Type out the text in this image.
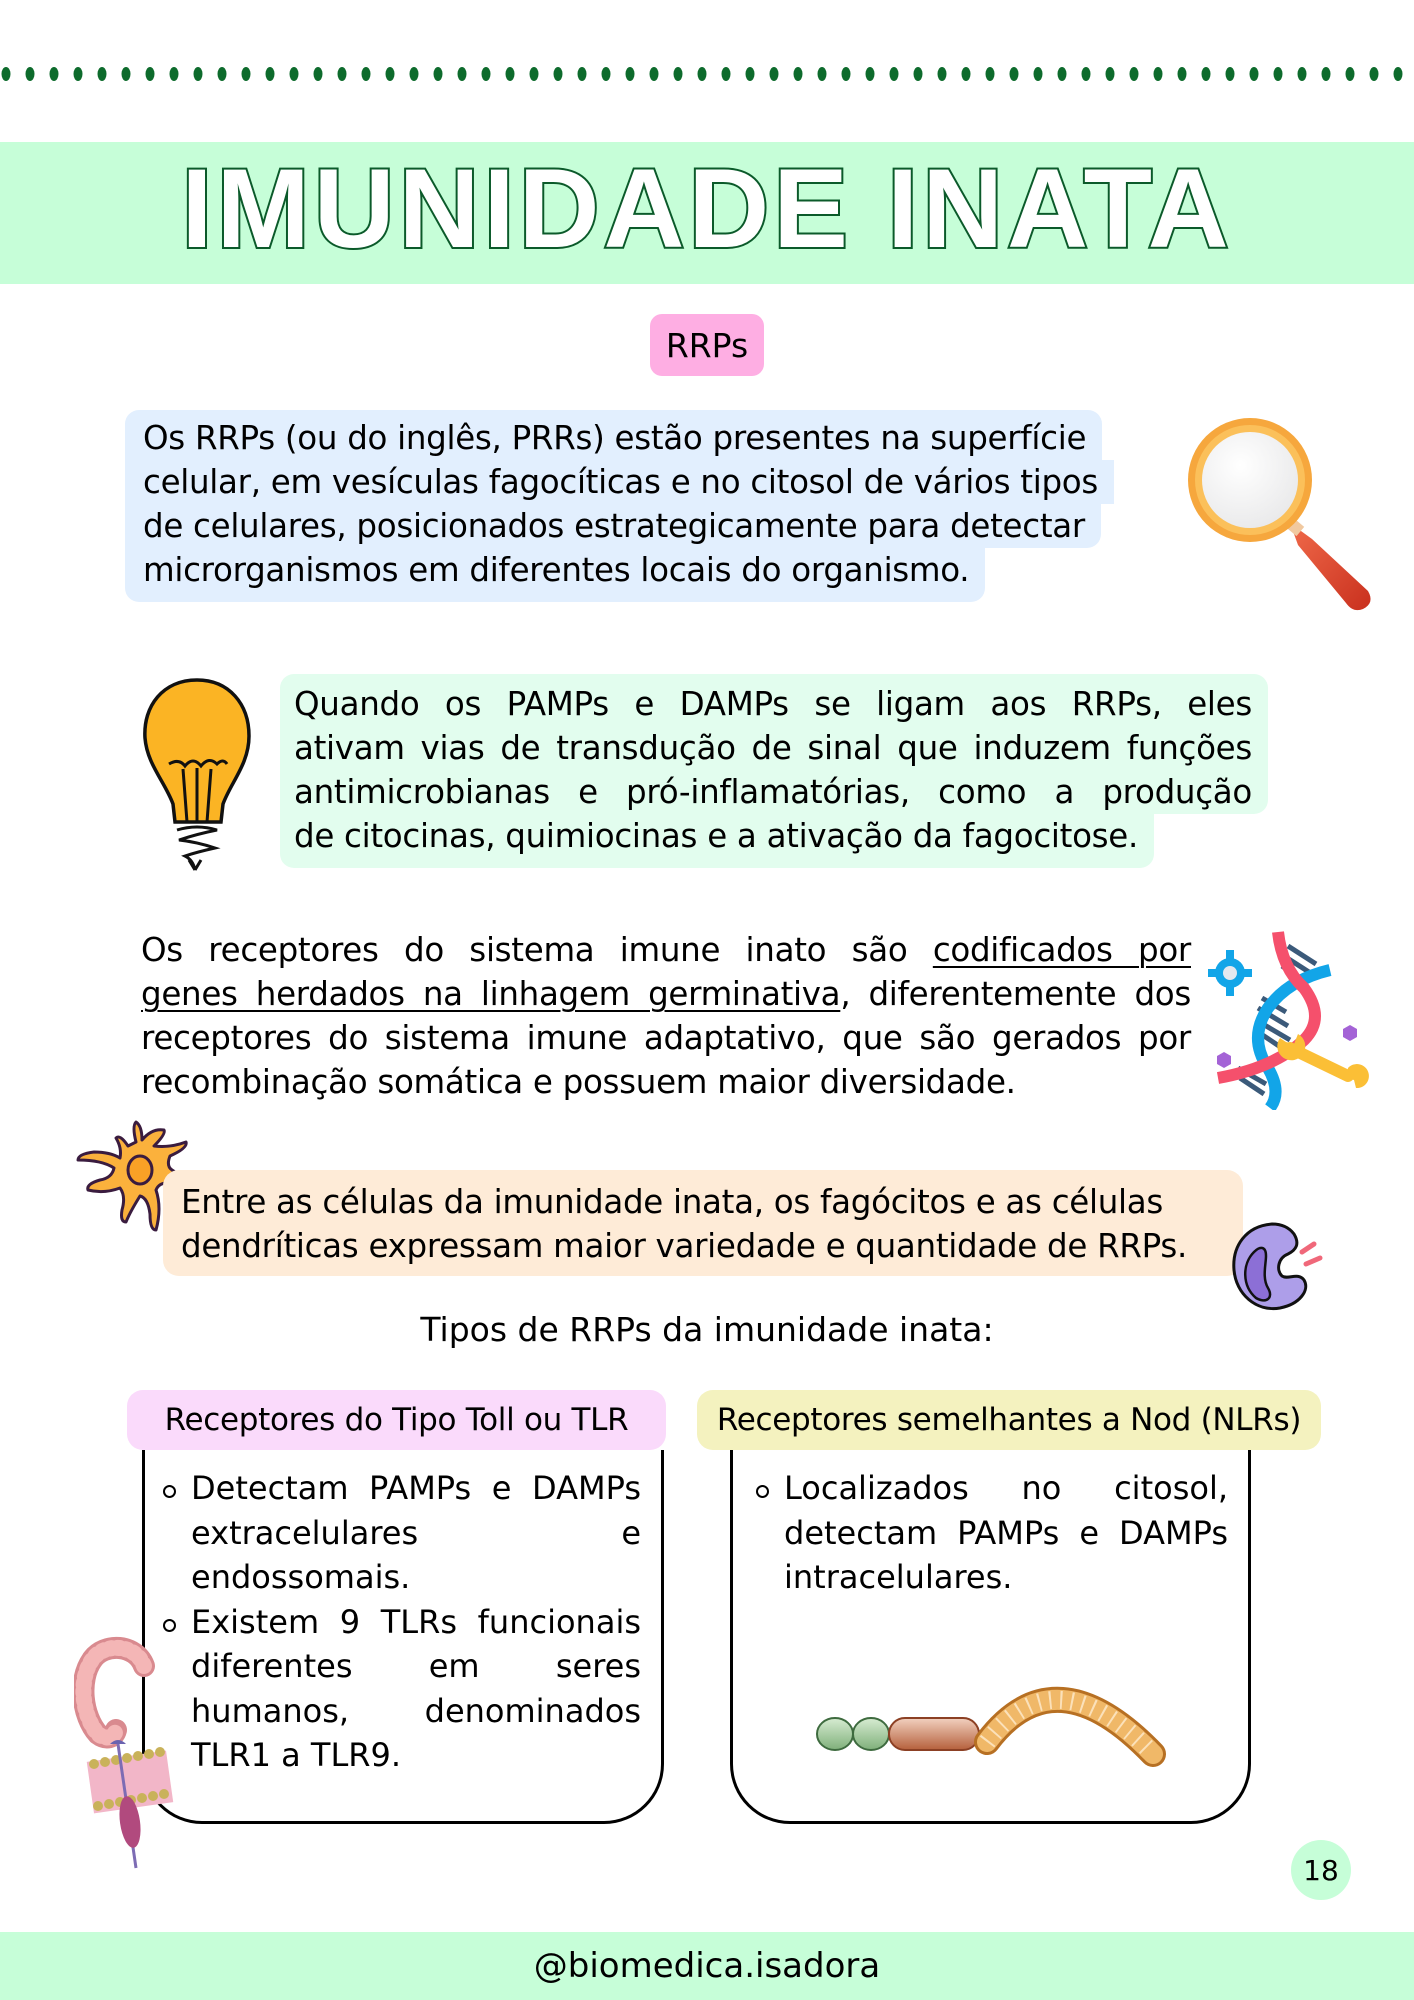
IMUNIDADE INATA
RRPs
Os RRPs (ou do inglês, PRRs) estão presentes na superfície
celular, em vesículas fagocíticas e no citosol de vários tipos
de celulares, posicionados estrategicamente para detectar
microrganismos em diferentes locais do organismo.
Quando os PAMPs e DAMPs se ligam aos RRPs, eles
ativam vias de transdução de sinal que induzem funções
antimicrobianas e pró-inflamatórias, como a produção
de citocinas, quimiocinas e a ativação da fagocitose.
Os receptores do sistema imune inato são codificados por
genes herdados na linhagem germinativa, diferentemente dos
receptores do sistema imune adaptativo, que são gerados por
recombinação somática e possuem maior diversidade.
Entre as células da imunidade inata, os fagócitos e as células
dendríticas expressam maior variedade e quantidade de RRPs.
Tipos de RRPs da imunidade inata:
Receptores do Tipo Toll ou TLR	Receptores semelhantes a Nod (NLRs)
Detectam PAMPs e DAMPs extracelulares e endossomais.
Existem 9 TLRs funcionais diferentes em seres humanos, denominados TLR1 a TLR9.
Localizados no citosol, detectam PAMPs e DAMPs intracelulares.
18
@biomedica.isadora
